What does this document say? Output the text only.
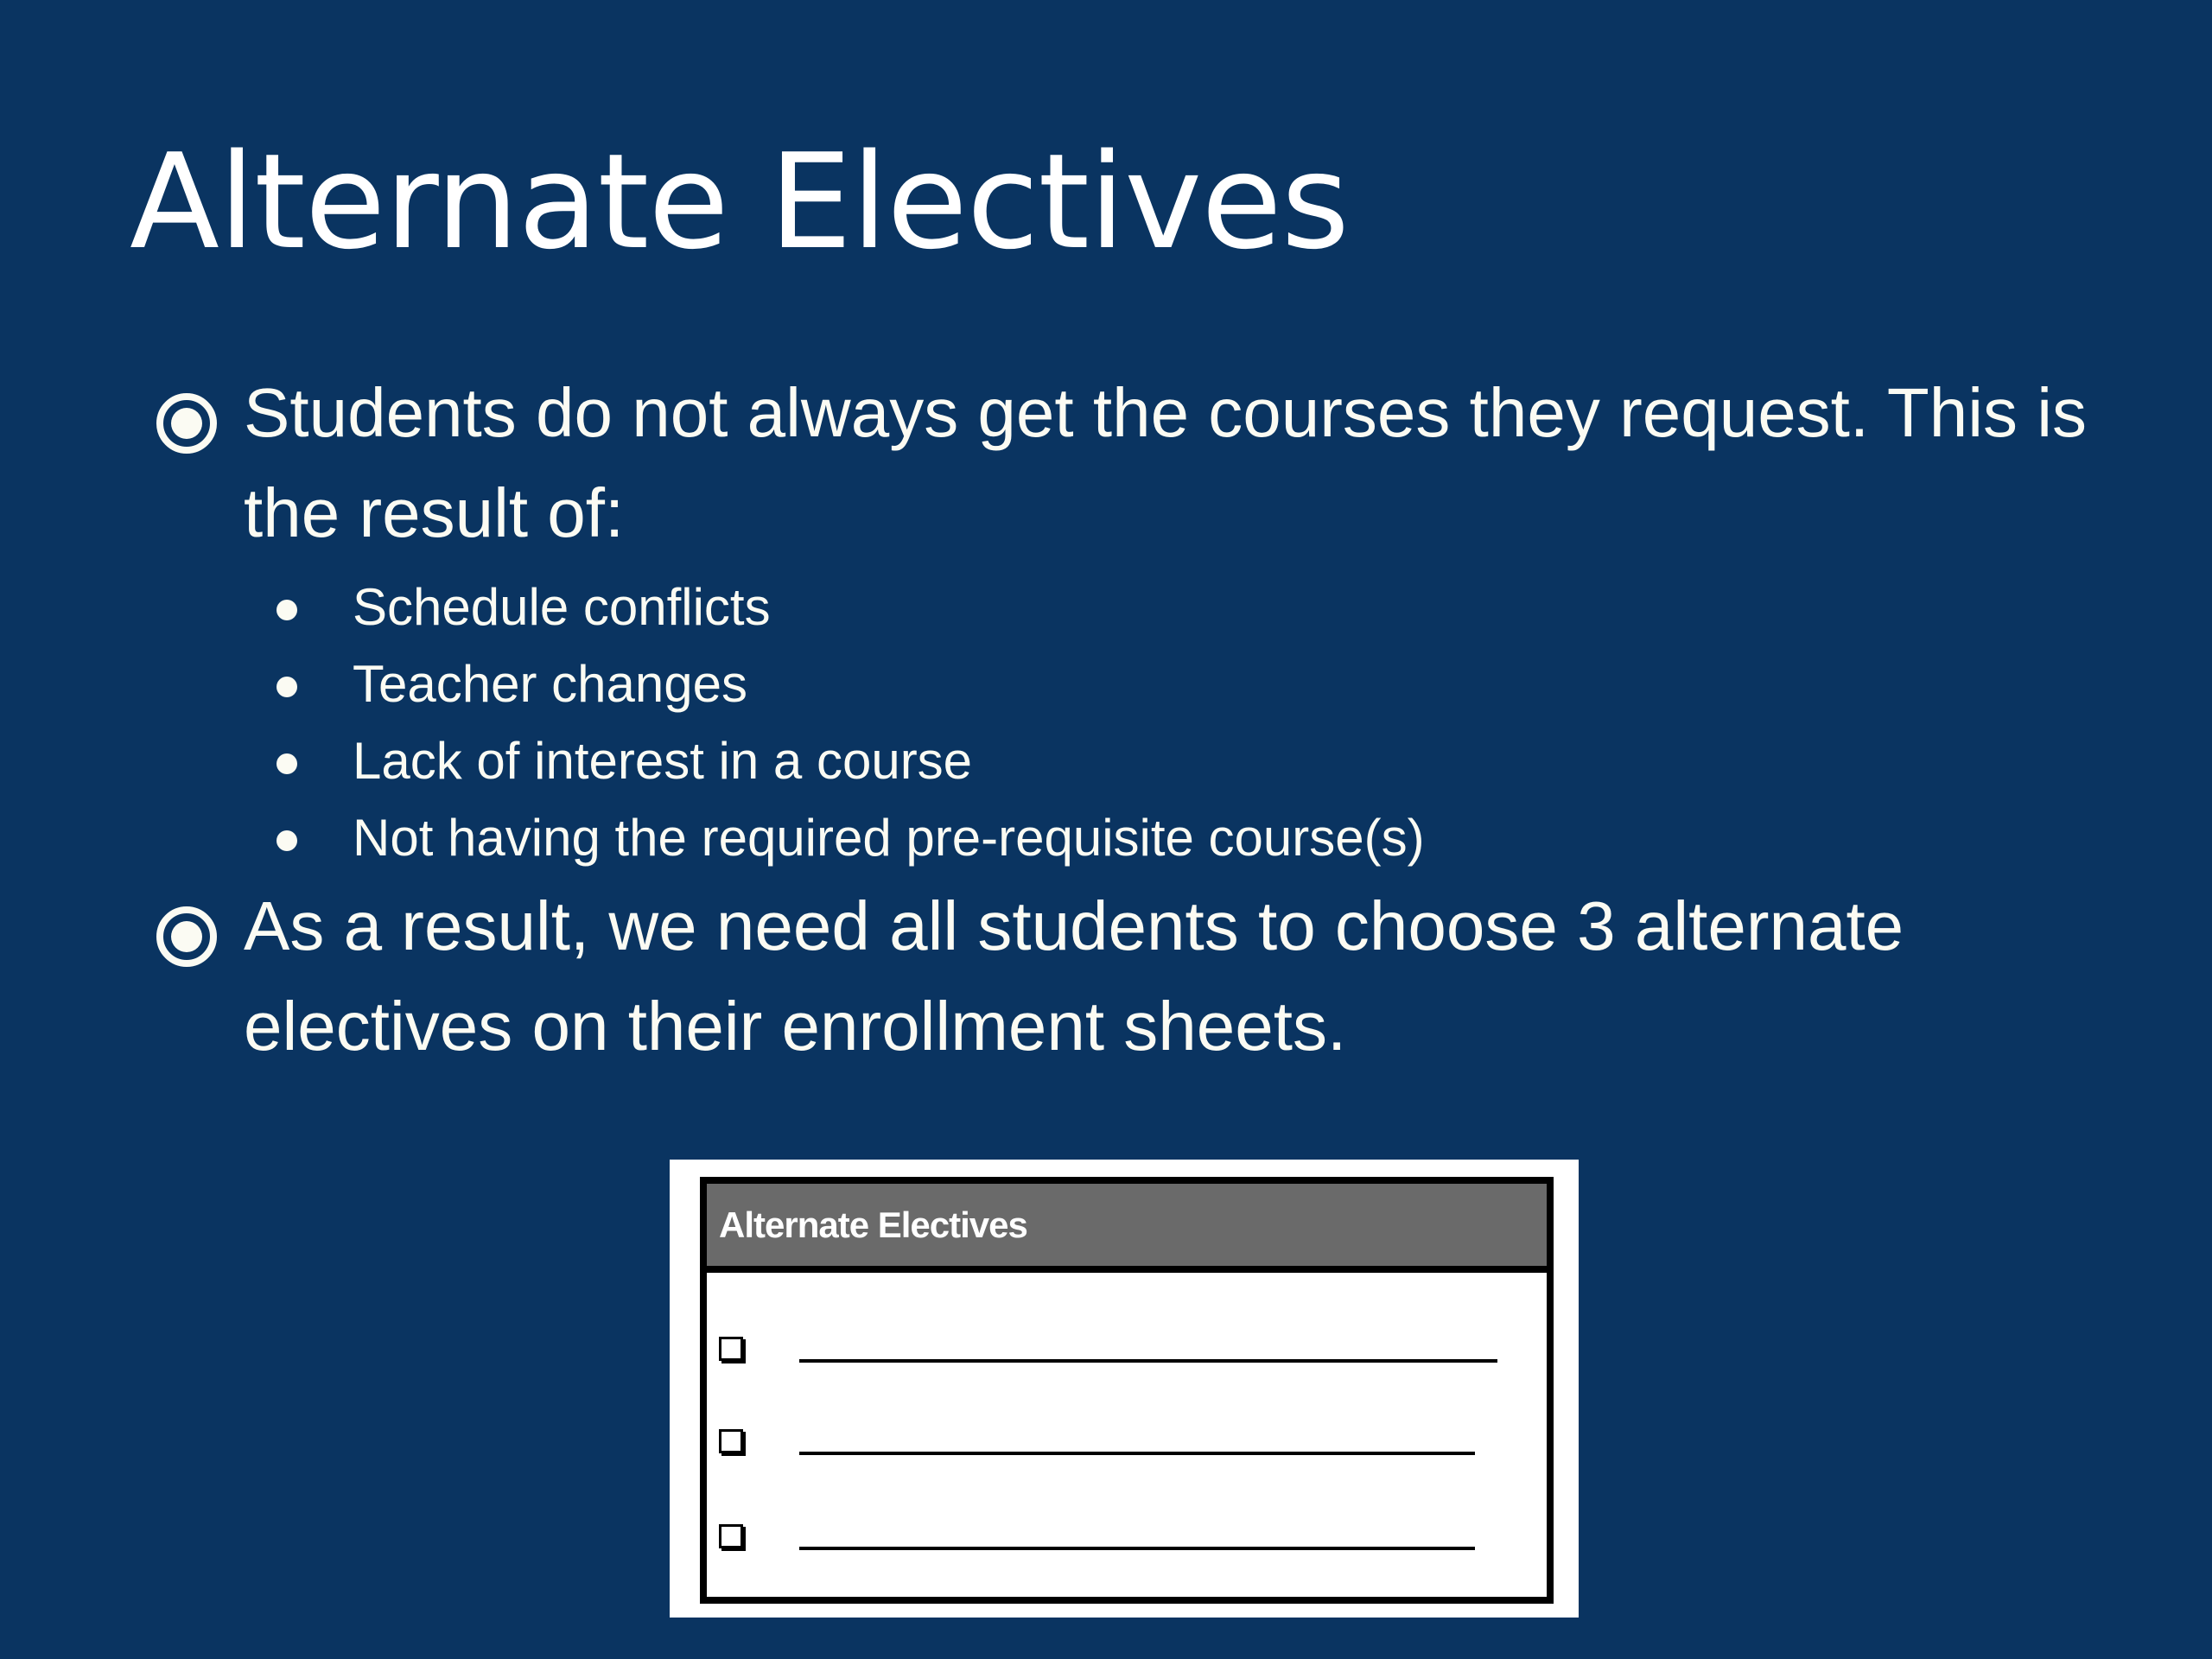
Alternate Electives
Students do not always get the courses they request. This is the result of:
Schedule conflicts
Teacher changes
Lack of interest in a course
Not having the required pre-requisite course(s)
As a result, we need all students to choose 3 alternate electives on their enrollment sheets.
Alternate Electives
